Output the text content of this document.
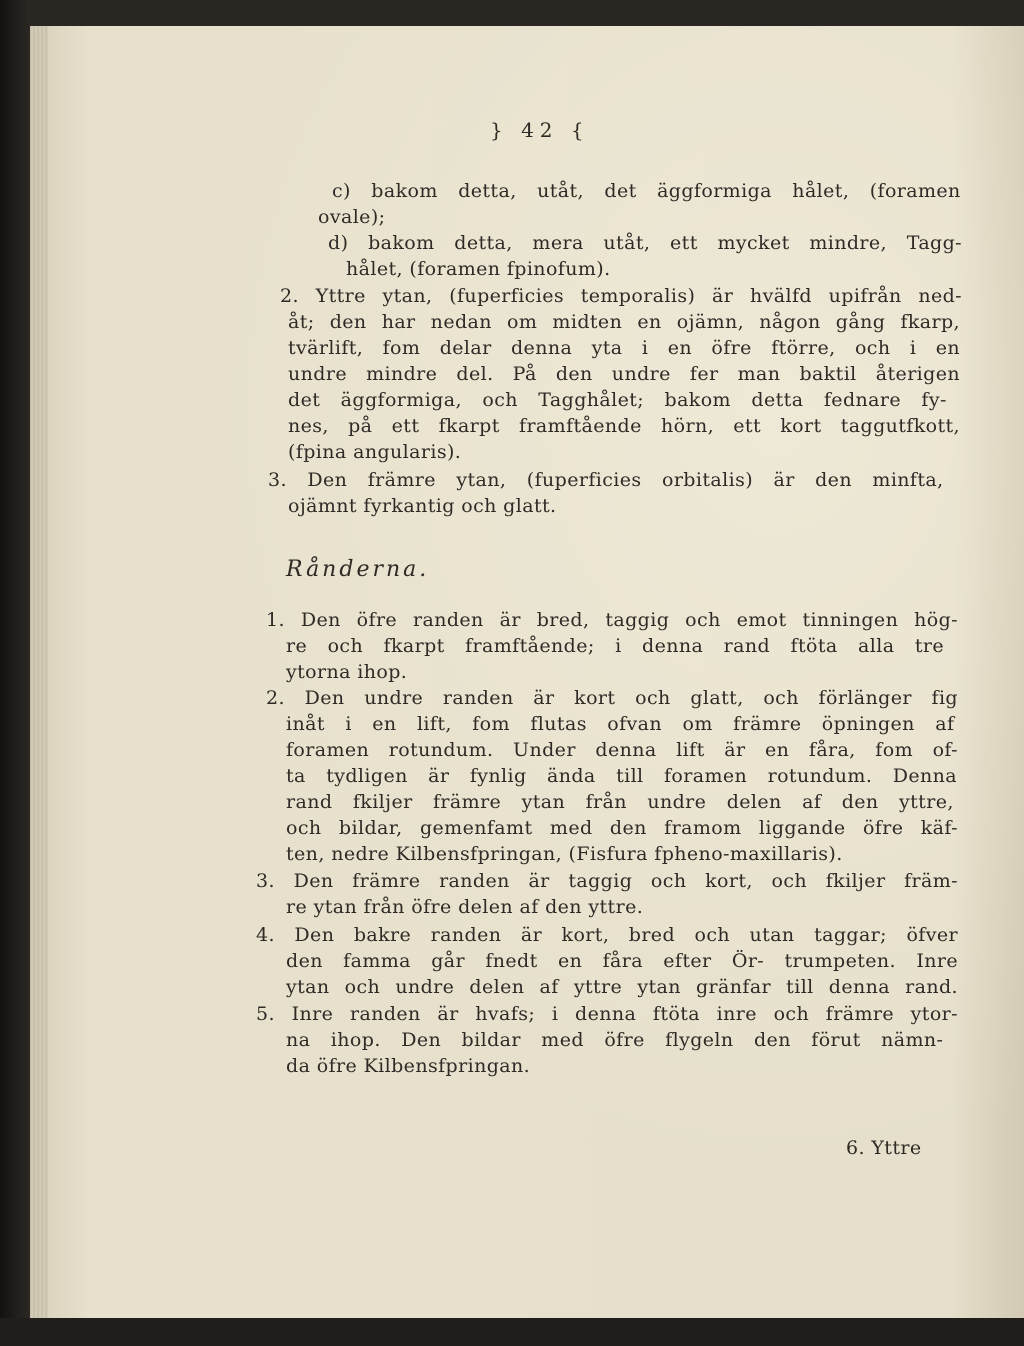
} 42 {
c) bakom detta, utåt, det äggformiga hålet, (foramen
ovale);
d) bakom detta, mera utåt, ett mycket mindre, Tagg-
hålet, (foramen fpinofum).
2. Yttre ytan, (fuperficies temporalis) är hvälfd upifrån ned-
åt; den har nedan om midten en ojämn, någon gång fkarp,
tvärlift, fom delar denna yta i en öfre ftörre, och i en
undre mindre del. På den undre fer man baktil återigen
det äggformiga, och Tagghålet; bakom detta fednare fy-
nes, på ett fkarpt framftående hörn, ett kort taggutfkott,
(fpina angularis).
3. Den främre ytan, (fuperficies orbitalis) är den minfta,
ojämnt fyrkantig och glatt.
Rånderna.
1. Den öfre randen är bred, taggig och emot tinningen hög-
re och fkarpt framftående; i denna rand ftöta alla tre
ytorna ihop.
2. Den undre randen är kort och glatt, och förlänger fig
inåt i en lift, fom flutas ofvan om främre öpningen af
foramen rotundum. Under denna lift är en fåra, fom of-
ta tydligen är fynlig ända till foramen rotundum. Denna
rand fkiljer främre ytan från undre delen af den yttre,
och bildar, gemenfamt med den framom liggande öfre käf-
ten, nedre Kilbensfpringan, (Fisfura fpheno-maxillaris).
3. Den främre randen är taggig och kort, och fkiljer främ-
re ytan från öfre delen af den yttre.
4. Den bakre randen är kort, bred och utan taggar; öfver
den famma går fnedt en fåra efter Ör- trumpeten. Inre
ytan och undre delen af yttre ytan gränfar till denna rand.
5. Inre randen är hvafs; i denna ftöta inre och främre ytor-
na ihop. Den bildar med öfre flygeln den förut nämn-
da öfre Kilbensfpringan.
6. Yttre
